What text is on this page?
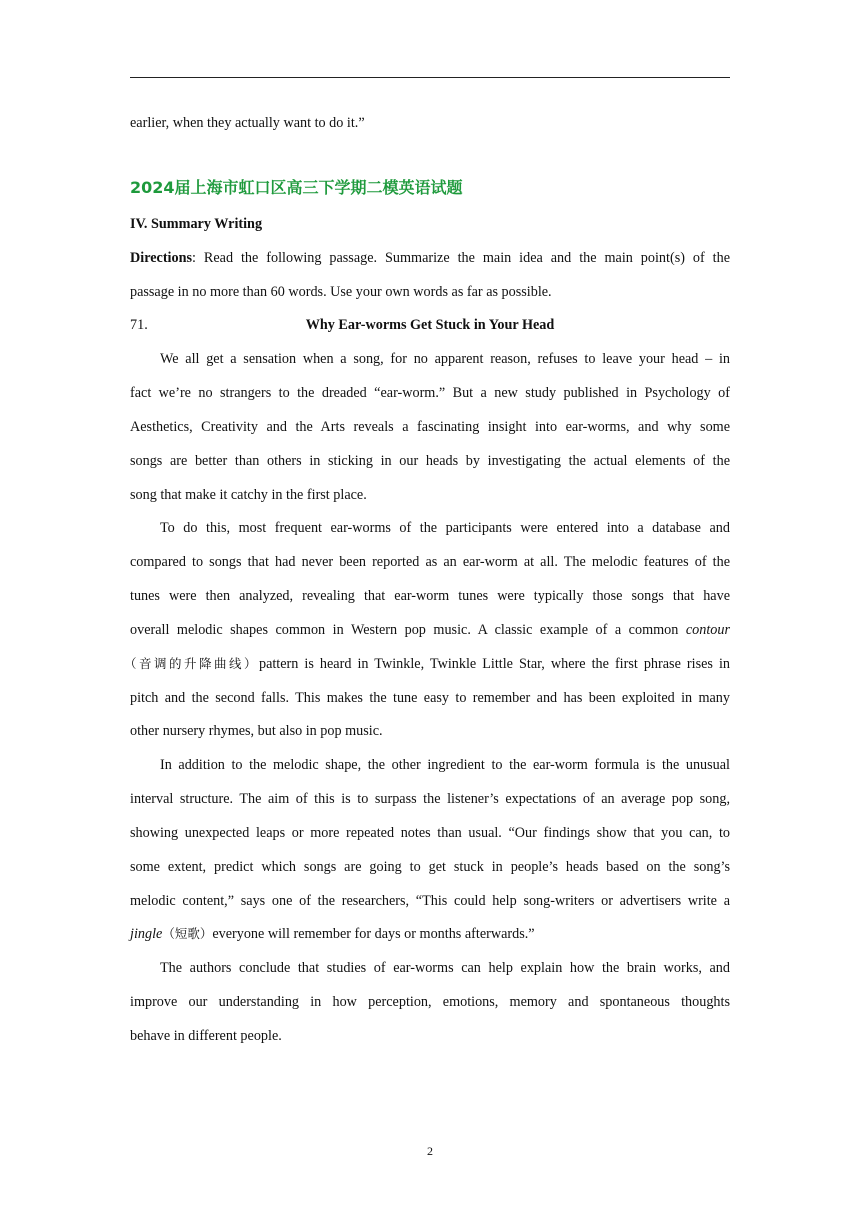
earlier, when they actually want to do it.”
2024届上海市虹口区高三下学期二模英语试题
IV. Summary Writing
Directions: Read the following passage. Summarize the main idea and the main point(s) of the
passage in no more than 60 words. Use your own words as far as possible.
71.	Why Ear-worms Get Stuck in Your Head
We all get a sensation when a song, for no apparent reason, refuses to leave your head – in
fact we’re no strangers to the dreaded “ear-worm.” But a new study published in Psychology of
Aesthetics, Creativity and the Arts reveals a fascinating insight into ear-worms, and why some
songs are better than others in sticking in our heads by investigating the actual elements of the
song that make it catchy in the first place.
To do this, most frequent ear-worms of the participants were entered into a database and
compared to songs that had never been reported as an ear-worm at all. The melodic features of the
tunes were then analyzed, revealing that ear-worm tunes were typically those songs that have
overall melodic shapes common in Western pop music. A classic example of a common contour
（音调的升降曲线）pattern is heard in Twinkle, Twinkle Little Star, where the first phrase rises in
pitch and the second falls. This makes the tune easy to remember and has been exploited in many
other nursery rhymes, but also in pop music.
In addition to the melodic shape, the other ingredient to the ear-worm formula is the unusual
interval structure. The aim of this is to surpass the listener’s expectations of an average pop song,
showing unexpected leaps or more repeated notes than usual. “Our findings show that you can, to
some extent, predict which songs are going to get stuck in people’s heads based on the song’s
melodic content,” says one of the researchers, “This could help song-writers or advertisers write a
jingle（短歌）everyone will remember for days or months afterwards.”
The authors conclude that studies of ear-worms can help explain how the brain works, and
improve our understanding in how perception, emotions, memory and spontaneous thoughts
behave in different people.
2
